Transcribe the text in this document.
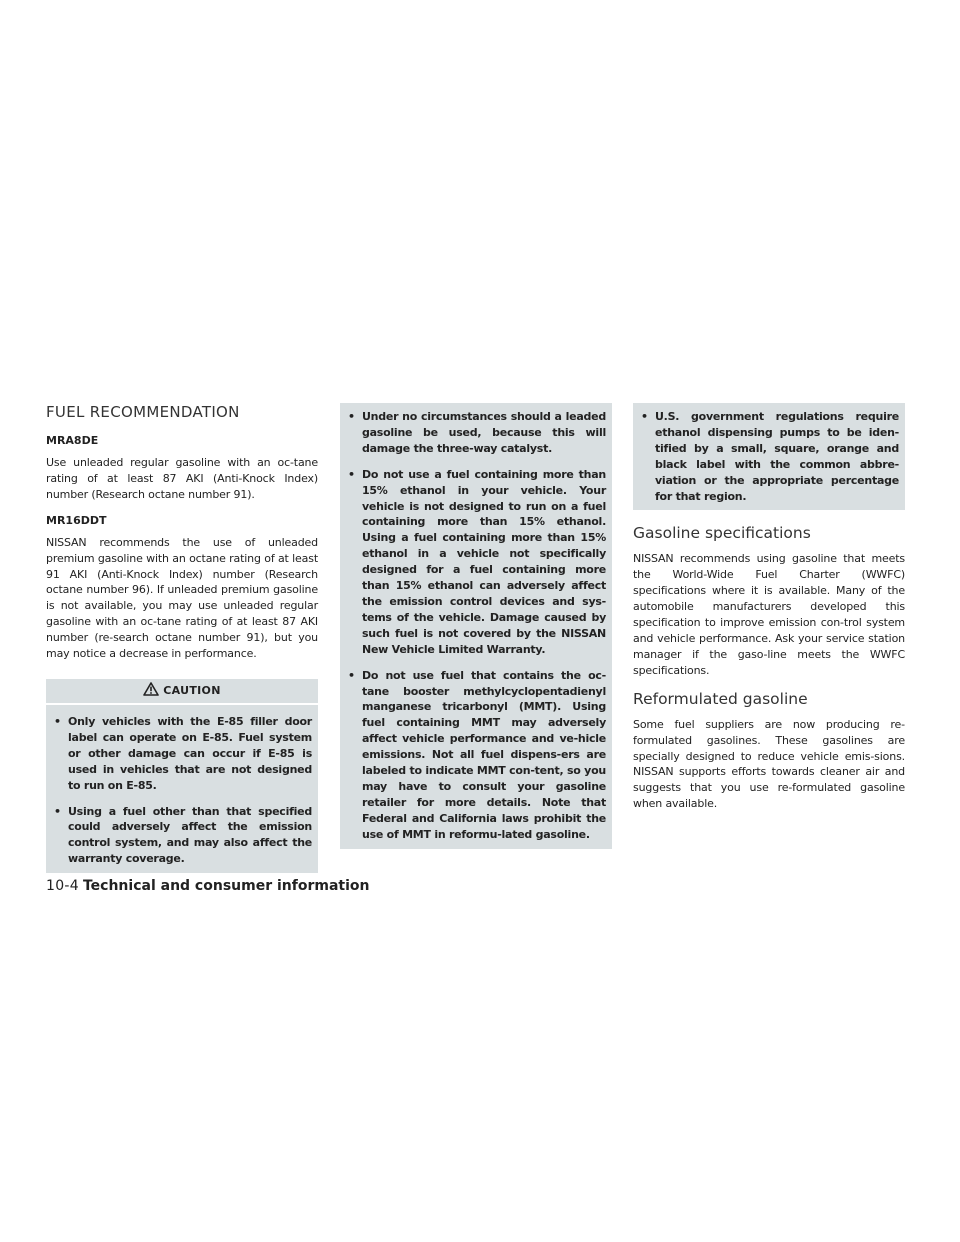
FUEL RECOMMENDATION
MRA8DE

Use unleaded regular gasoline with an oc-tane rating of at least 87 AKI (Anti-Knock Index) number (Research octane number 91).

MR16DDT

NISSAN recommends the use of unleaded premium gasoline with an octane rating of at least 91 AKI (Anti-Knock Index) number (Research octane number 96). If unleaded premium gasoline is not available, you may use unleaded regular gasoline with an oc-tane rating of at least 87 AKI number (re-search octane number 91), but you may notice a decrease in performance.

CAUTION
• Only vehicles with the E-85 filler door label can operate on E-85. Fuel system or other damage can occur if E-85 is used in vehicles that are not designed to run on E-85.
• Using a fuel other than that specified could adversely affect the emission control system, and may also affect the warranty coverage.
• Under no circumstances should a leaded gasoline be used, because this will damage the three-way catalyst.
• Do not use a fuel containing more than 15% ethanol in your vehicle. Your vehicle is not designed to run on a fuel containing more than 15% ethanol. Using a fuel containing more than 15% ethanol in a vehicle not specifically designed for a fuel containing more than 15% ethanol can adversely affect the emission control devices and sys-tems of the vehicle. Damage caused by such fuel is not covered by the NISSAN New Vehicle Limited Warranty.
• Do not use fuel that contains the oc-tane booster methylcyclopentadienyl manganese tricarbonyl (MMT). Using fuel containing MMT may adversely affect vehicle performance and ve-hicle emissions. Not all fuel dispens-ers are labeled to indicate MMT con-tent, so you may have to consult your gasoline retailer for more details. Note that Federal and California laws prohibit the use of MMT in reformu-lated gasoline.
• U.S. government regulations require ethanol dispensing pumps to be iden-tified by a small, square, orange and black label with the common abbre-viation or the appropriate percentage for that region.
Gasoline specifications

NISSAN recommends using gasoline that meets the World-Wide Fuel Charter (WWFC) specifications where it is available. Many of the automobile manufacturers developed this specification to improve emission con-trol system and vehicle performance. Ask your service station manager if the gaso-line meets the WWFC specifications.

Reformulated gasoline

Some fuel suppliers are now producing re-formulated gasolines. These gasolines are specially designed to reduce vehicle emis-sions. NISSAN supports efforts towards cleaner air and suggests that you use re-formulated gasoline when available.

10-4 Technical and consumer information
